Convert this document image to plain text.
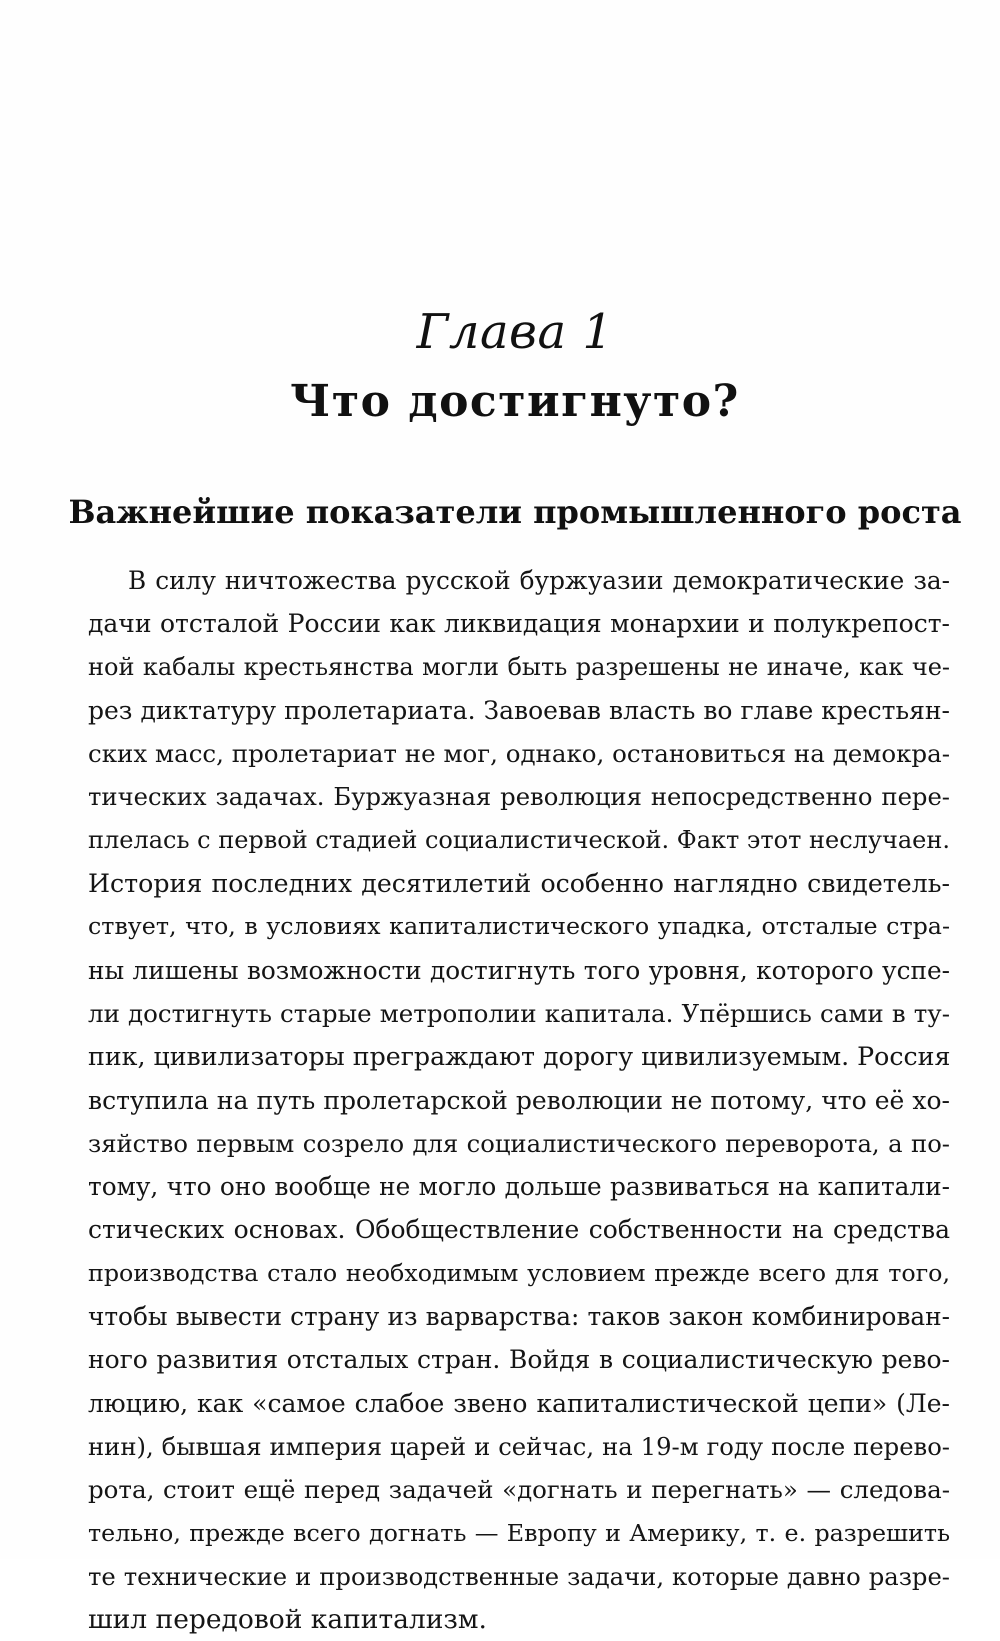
Глава 1
Что достигнуто?
Важнейшие показатели промышленного роста
В силу ничтожества русской буржуазии демократические за-
дачи отсталой России как ликвидация монархии и полукрепост-
ной кабалы крестьянства могли быть разрешены не иначе, как че-
рез диктатуру пролетариата. Завоевав власть во главе крестьян-
ских масс, пролетариат не мог, однако, остановиться на демокра-
тических задачах. Буржуазная революция непосредственно пере-
плелась с первой стадией социалистической. Факт этот неслучаен.
История последних десятилетий особенно наглядно свидетель-
ствует, что, в условиях капиталистического упадка, отсталые стра-
ны лишены возможности достигнуть того уровня, которого успе-
ли достигнуть старые метрополии капитала. Упёршись сами в ту-
пик, цивилизаторы преграждают дорогу цивилизуемым. Россия
вступила на путь пролетарской революции не потому, что её хо-
зяйство первым созрело для социалистического переворота, а по-
тому, что оно вообще не могло дольше развиваться на капитали-
стических основах. Обобществление собственности на средства
производства стало необходимым условием прежде всего для того,
чтобы вывести страну из варварства: таков закон комбинирован-
ного развития отсталых стран. Войдя в социалистическую рево-
люцию, как «самое слабое звено капиталистической цепи» (Ле-
нин), бывшая империя царей и сейчас, на 19-м году после перево-
рота, стоит ещё перед задачей «догнать и перегнать» — следова-
тельно, прежде всего догнать — Европу и Америку, т. е. разрешить
те технические и производственные задачи, которые давно разре-
шил передовой капитализм.
